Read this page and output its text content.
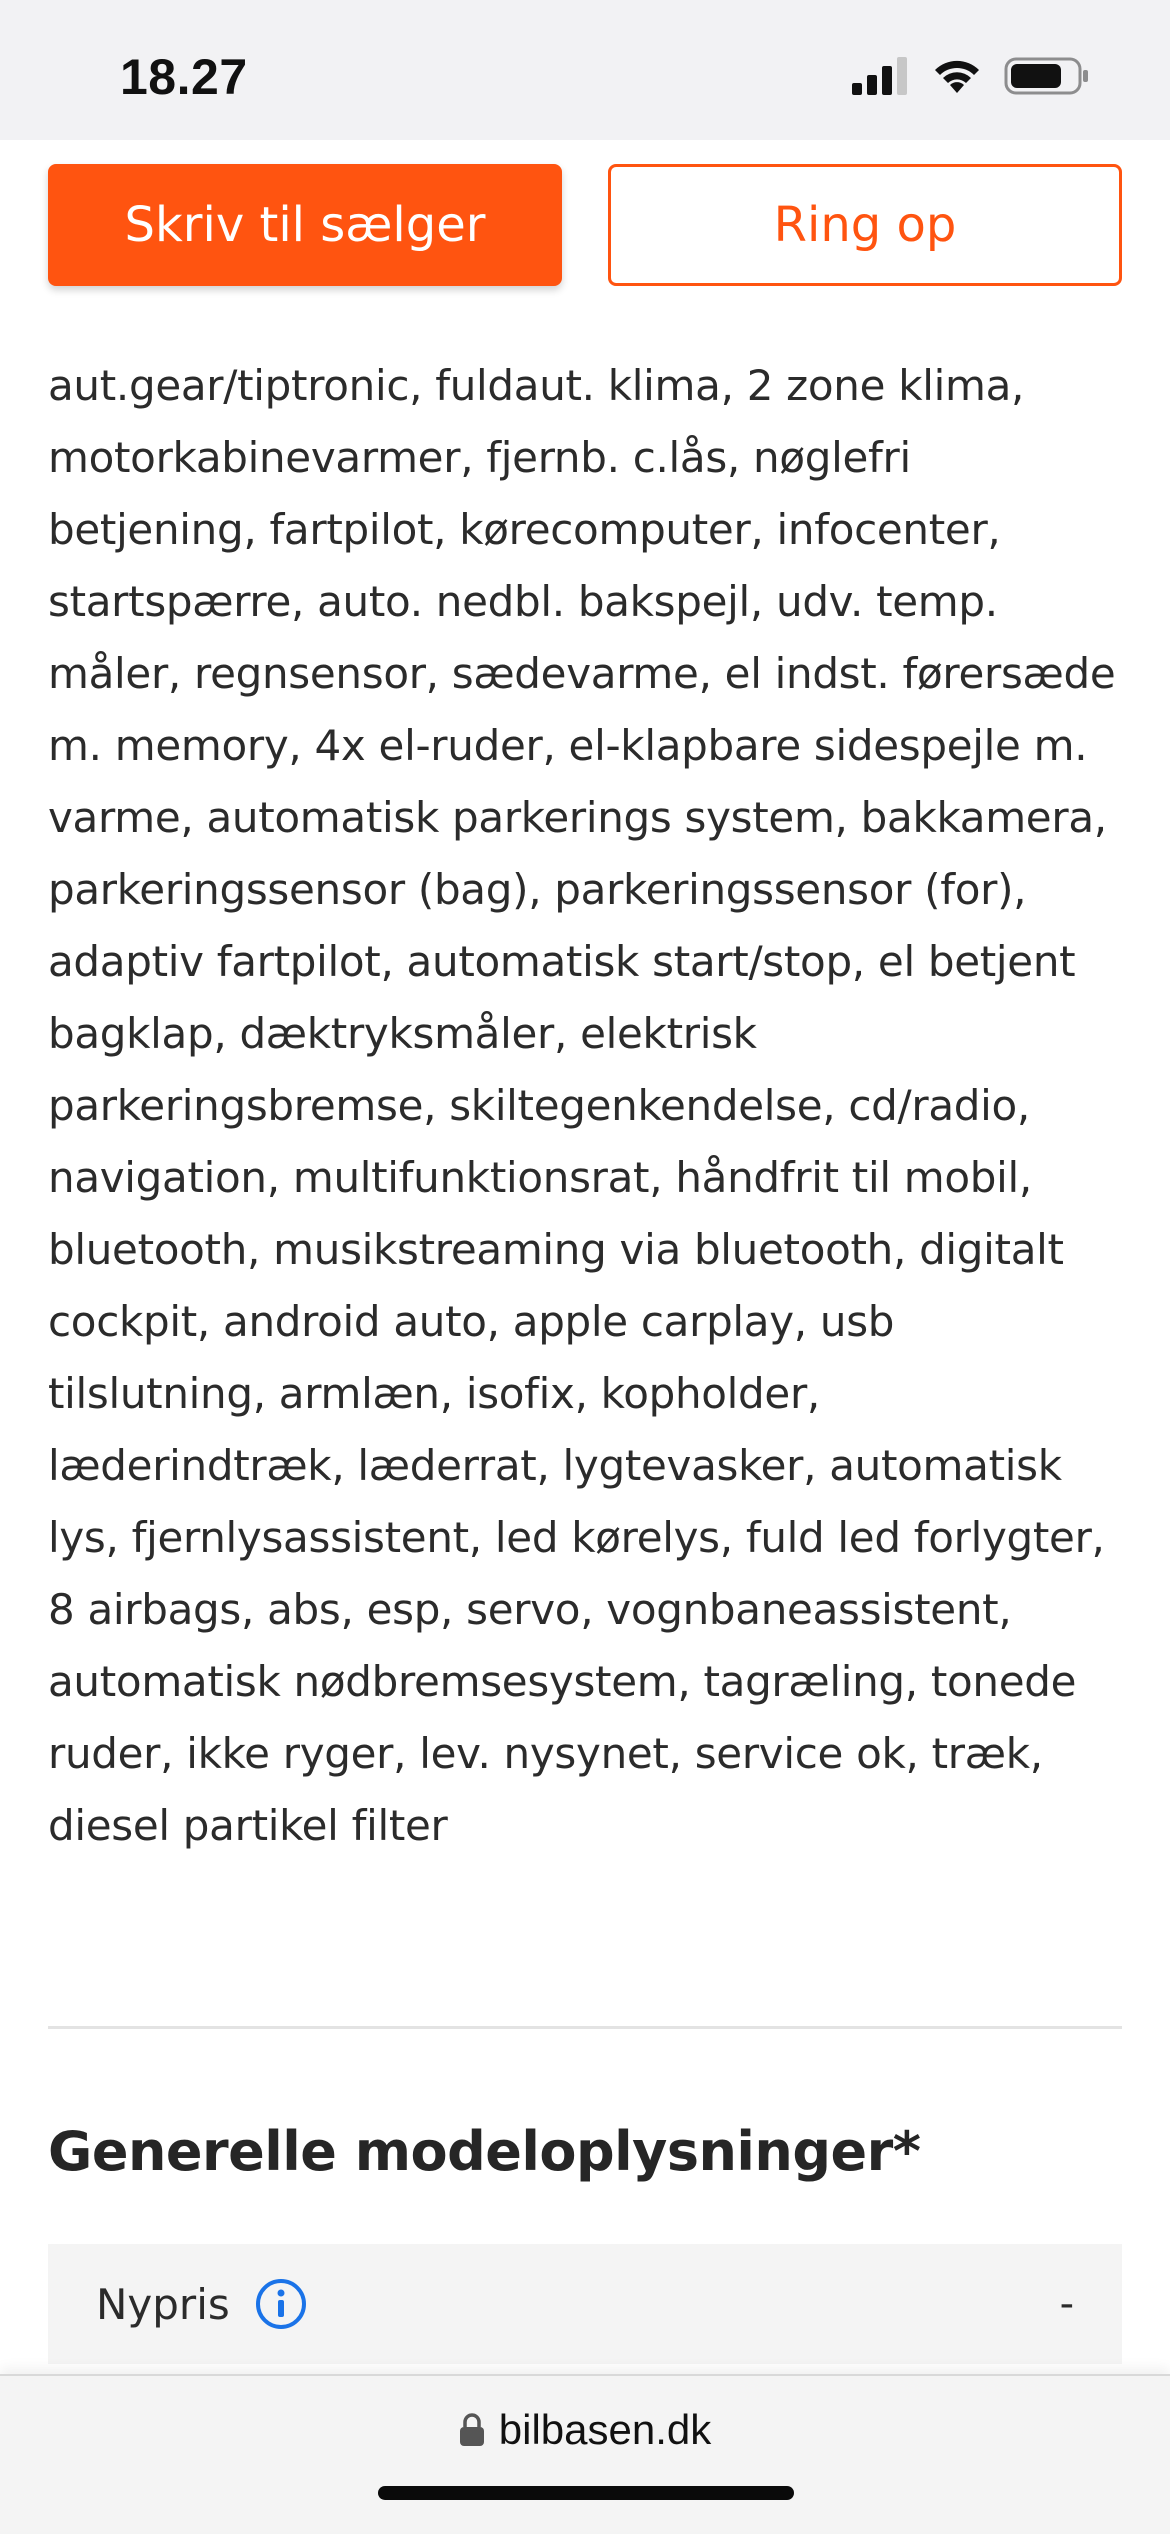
18.27
Skriv til sælger	Ring op

aut.gear/tiptronic, fuldaut. klima, 2 zone klima, motorkabinevarmer, fjernb. c.lås, nøglefri betjening, fartpilot, kørecomputer, infocenter, startspærre, auto. nedbl. bakspejl, udv. temp. måler, regnsensor, sædevarme, el indst. førersæde m. memory, 4x el-ruder, el-klapbare sidespejle m. varme, automatisk parkerings system, bakkamera, parkeringssensor (bag), parkeringssensor (for), adaptiv fartpilot, automatisk start/stop, el betjent bagklap, dæktryksmåler, elektrisk parkeringsbremse, skiltegenkendelse, cd/radio, navigation, multifunktionsrat, håndfrit til mobil, bluetooth, musikstreaming via bluetooth, digitalt cockpit, android auto, apple carplay, usb tilslutning, armlæn, isofix, kopholder, læderindtræk, læderrat, lygtevasker, automatisk lys, fjernlysassistent, led kørelys, fuld led forlygter, 8 airbags, abs, esp, servo, vognbaneassistent, automatisk nødbremsesystem, tagræling, tonede ruder, ikke ryger, lev. nysynet, service ok, træk, diesel partikel filter

Generelle modeloplysninger*
Nypris	-
bilbasen.dk
